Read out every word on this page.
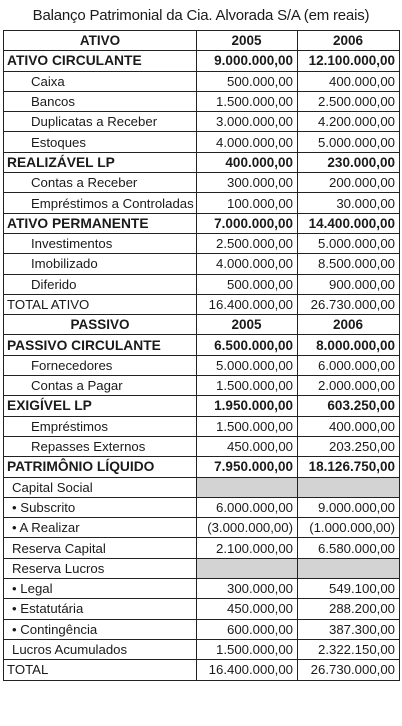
Balanço Patrimonial da Cia. Alvorada S/A (em reais)
ATIVO	2005	2006
ATIVO CIRCULANTE	9.000.000,00	12.100.000,00
Caixa	500.000,00	400.000,00
Bancos	1.500.000,00	2.500.000,00
Duplicatas a Receber	3.000.000,00	4.200.000,00
Estoques	4.000.000,00	5.000.000,00
REALIZÁVEL LP	400.000,00	230.000,00
Contas a Receber	300.000,00	200.000,00
Empréstimos a Controladas	100.000,00	30.000,00
ATIVO PERMANENTE	7.000.000,00	14.400.000,00
Investimentos	2.500.000,00	5.000.000,00
Imobilizado	4.000.000,00	8.500.000,00
Diferido	500.000,00	900.000,00
TOTAL ATIVO	16.400.000,00	26.730.000,00
PASSIVO	2005	2006
PASSIVO CIRCULANTE	6.500.000,00	8.000.000,00
Fornecedores	5.000.000,00	6.000.000,00
Contas a Pagar	1.500.000,00	2.000.000,00
EXIGÍVEL LP	1.950.000,00	603.250,00
Empréstimos	1.500.000,00	400.000,00
Repasses Externos	450.000,00	203.250,00
PATRIMÔNIO LÍQUIDO	7.950.000,00	18.126.750,00
Capital Social		
• Subscrito	6.000.000,00	9.000.000,00
• A Realizar	(3.000.000,00)	(1.000.000,00)
Reserva Capital	2.100.000,00	6.580.000,00
Reserva Lucros		
• Legal	300.000,00	549.100,00
• Estatutária	450.000,00	288.200,00
• Contingência	600.000,00	387.300,00
Lucros Acumulados	1.500.000,00	2.322.150,00
TOTAL	16.400.000,00	26.730.000,00
